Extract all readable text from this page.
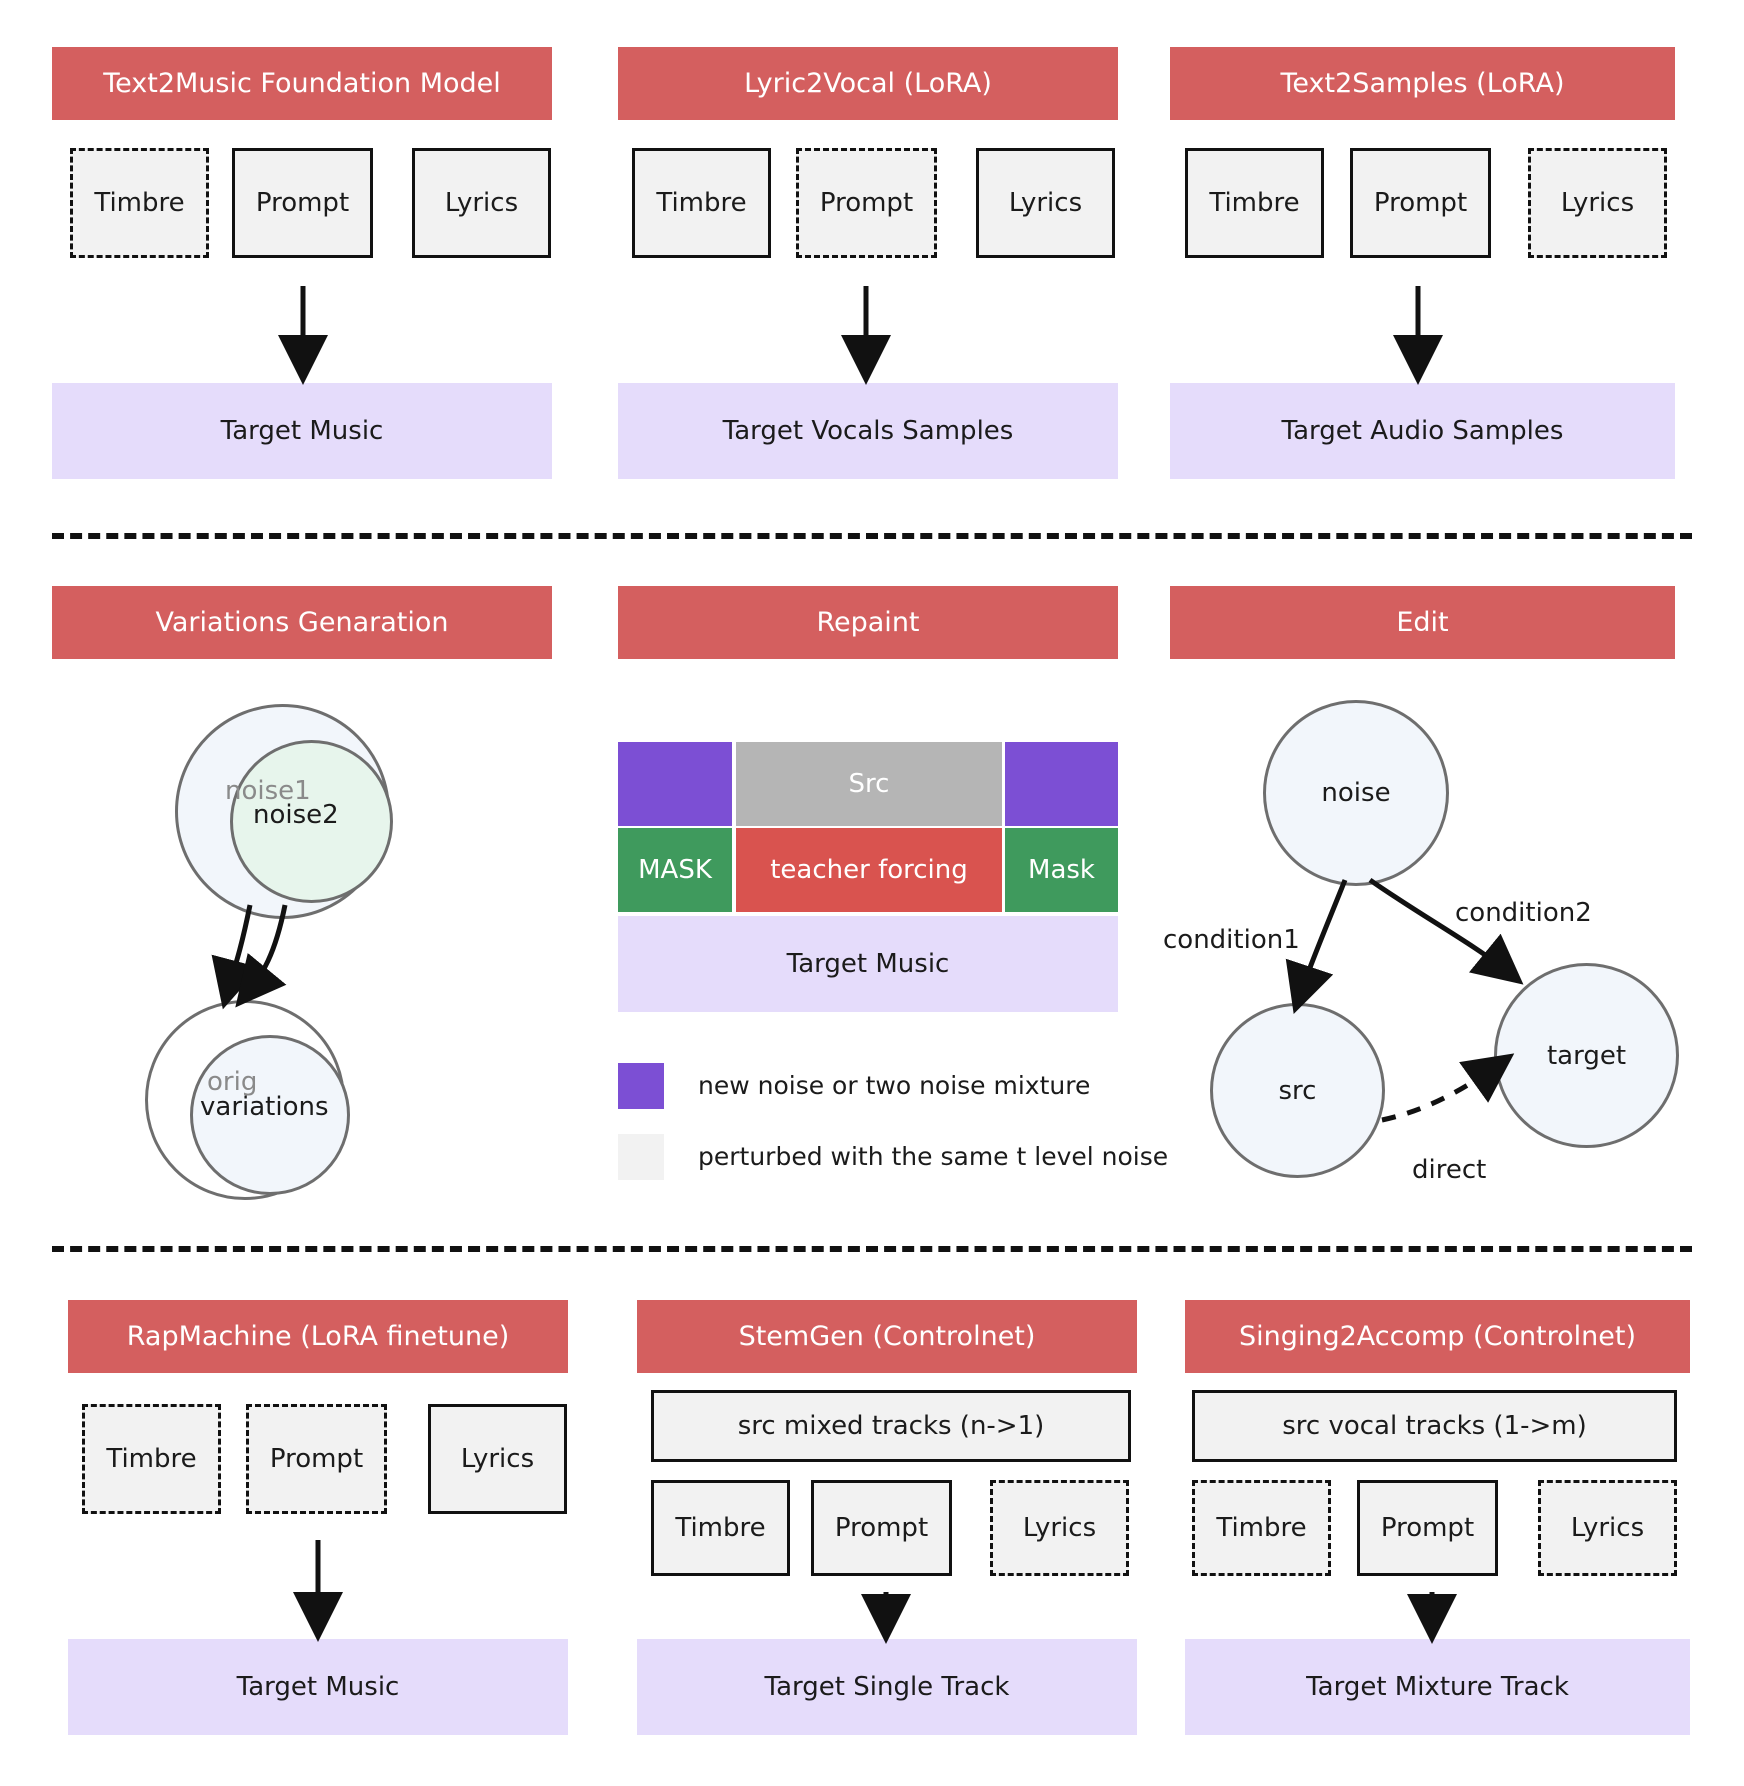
Text2Music Foundation Model
Timbre	Prompt	Lyrics
Target Music
Lyric2Vocal (LoRA)
Timbre	Prompt	Lyrics
Target Vocals Samples
Text2Samples (LoRA)
Timbre	Prompt	Lyrics
Target Audio Samples
Variations Genaration
noise1
noise2
orig
variations
Repaint
Src
MASK	teacher forcing	Mask
Target Music
new noise or two noise mixture
perturbed with the same t level noise
Edit
noise
src
target
condition1
condition2
direct
RapMachine (LoRA finetune)
Timbre	Prompt	Lyrics
Target Music
StemGen (Controlnet)
src mixed tracks (n->1)
Timbre	Prompt	Lyrics
Target Single Track
Singing2Accomp (Controlnet)
src vocal tracks (1->m)
Timbre	Prompt	Lyrics
Target Mixture Track
